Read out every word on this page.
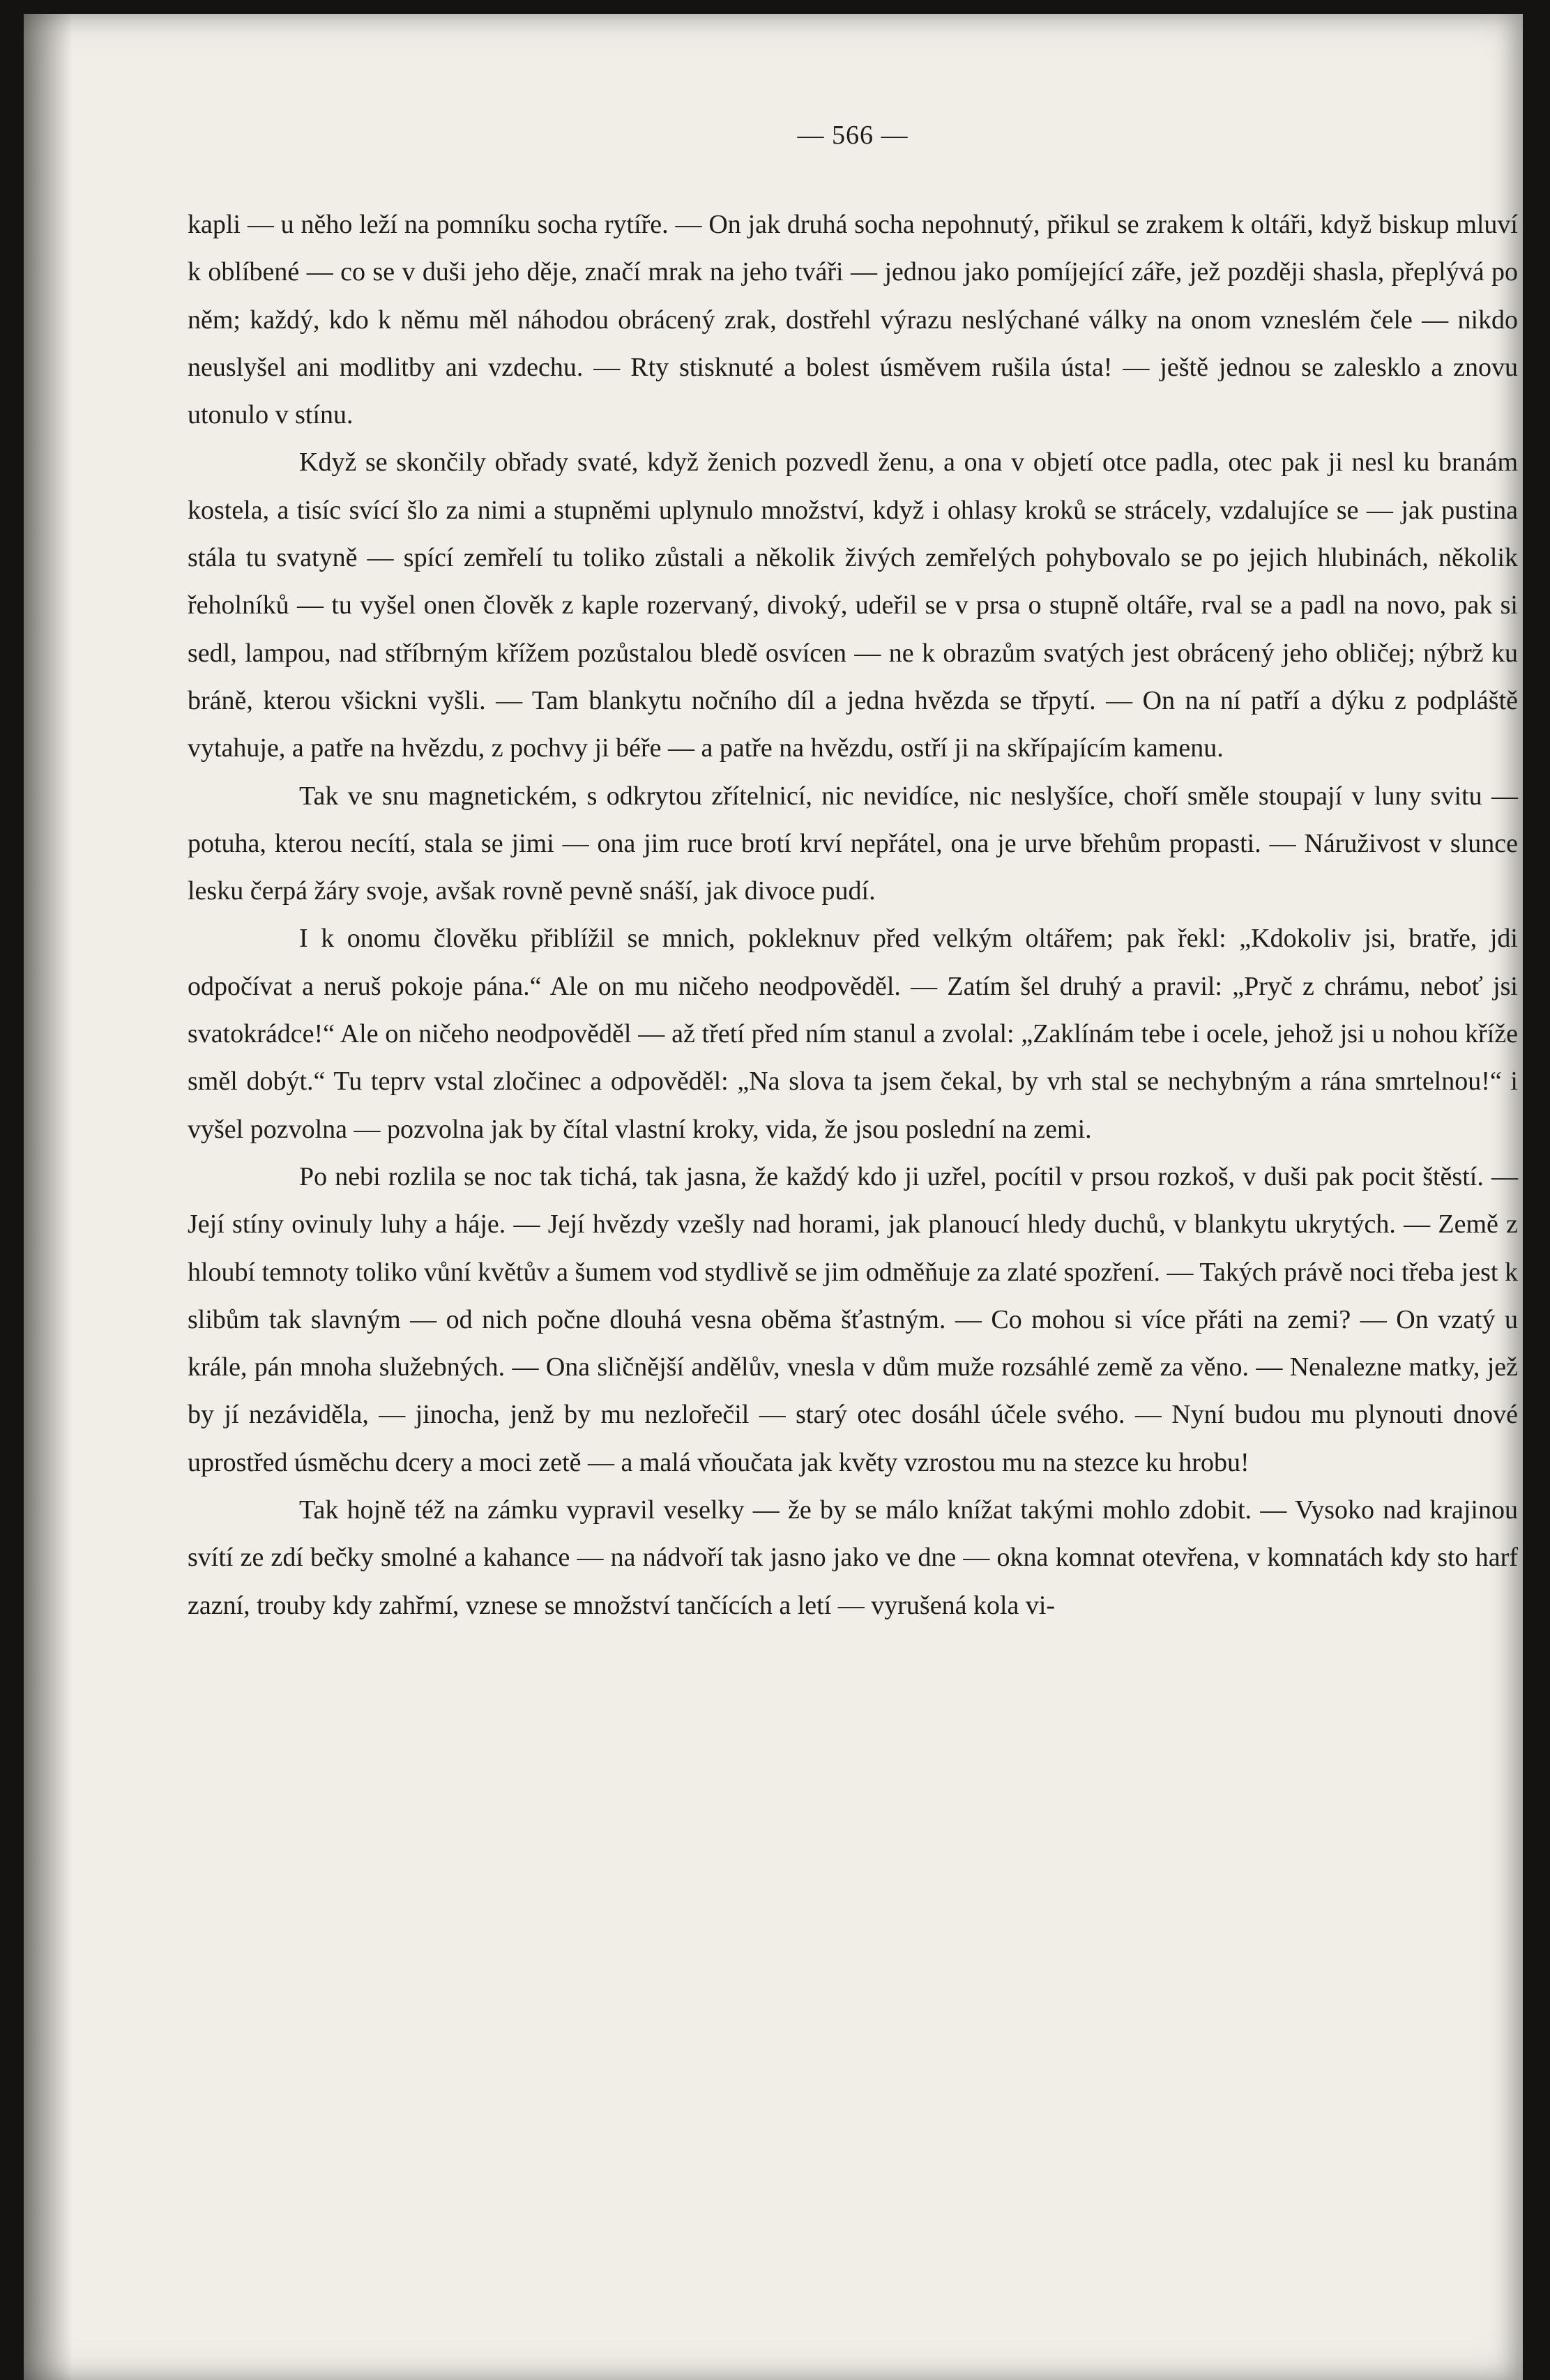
— 566 —

kapli — u něho leží na pomníku socha rytíře. — On jak druhá socha nepohnutý, přikul se zrakem k oltáři, když biskup mluví k oblíbené — co se v duši jeho děje, značí mrak na jeho tváři — jednou jako pomíjející záře, jež později shasla, přeplývá po něm; každý, kdo k němu měl náhodou obrácený zrak, dostřehl výrazu neslýchané války na onom vzneslém čele — nikdo neuslyšel ani modlitby ani vzdechu. — Rty stisknuté a bolest úsměvem rušila ústa! — ještě jednou se zalesklo a znovu utonulo v stínu.

Když se skončily obřady svaté, když ženich pozvedl ženu, a ona v objetí otce padla, otec pak ji nesl ku branám kostela, a tisíc svící šlo za nimi a stupněmi uplynulo množství, když i ohlasy kroků se strácely, vzdalujíce se — jak pustina stála tu svatyně — spící zemřelí tu toliko zůstali a několik živých zemřelých pohybovalo se po jejich hlubinách, několik řeholníků — tu vyšel onen člověk z kaple rozervaný, divoký, udeřil se v prsa o stupně oltáře, rval se a padl na novo, pak si sedl, lampou, nad stříbrným křížem pozůstalou bledě osvícen — ne k obrazům svatých jest obrácený jeho obličej; nýbrž ku bráně, kterou všickni vyšli. — Tam blankytu nočního díl a jedna hvězda se třpytí. — On na ní patří a dýku z podpláště vytahuje, a patře na hvězdu, z pochvy ji béře — a patře na hvězdu, ostří ji na skřípajícím kamenu.

Tak ve snu magnetickém, s odkrytou zřítelnicí, nic nevidíce, nic neslyšíce, choří směle stoupají v luny svitu — potuha, kterou necítí, stala se jimi — ona jim ruce brotí krví nepřátel, ona je urve břehům propasti. — Náruživost v slunce lesku čerpá žáry svoje, avšak rovně pevně snáší, jak divoce pudí.

I k onomu člověku přiblížil se mnich, pokleknuv před velkým oltářem; pak řekl: „Kdokoliv jsi, bratře, jdi odpočívat a neruš pokoje pána.“ Ale on mu ničeho neodpověděl. — Zatím šel druhý a pravil: „Pryč z chrámu, neboť jsi svatokrádce!“ Ale on ničeho neodpověděl — až třetí před ním stanul a zvolal: „Zaklínám tebe i ocele, jehož jsi u nohou kříže směl dobýt.“ Tu teprv vstal zločinec a odpověděl: „Na slova ta jsem čekal, by vrh stal se nechybným a rána smrtelnou!“ i vyšel pozvolna — pozvolna jak by čítal vlastní kroky, vida, že jsou poslední na zemi.

Po nebi rozlila se noc tak tichá, tak jasna, že každý kdo ji uzřel, pocítil v prsou rozkoš, v duši pak pocit štěstí. — Její stíny ovinuly luhy a háje. — Její hvězdy vzešly nad horami, jak planoucí hledy duchů, v blankytu ukrytých. — Země z hloubí temnoty toliko vůní květův a šumem vod stydlivě se jim odměňuje za zlaté spozření. — Takých právě noci třeba jest k slibům tak slavným — od nich počne dlouhá vesna oběma šťastným. — Co mohou si více přáti na zemi? — On vzatý u krále, pán mnoha služebných. — Ona sličnější andělův, vnesla v dům muže rozsáhlé země za věno. — Nenalezne matky, jež by jí nezáviděla, — jinocha, jenž by mu nezlořečil — starý otec dosáhl účele svého. — Nyní budou mu plynouti dnové uprostřed úsměchu dcery a moci zetě — a malá vňoučata jak květy vzrostou mu na stezce ku hrobu!

Tak hojně též na zámku vypravil veselky — že by se málo knížat takými mohlo zdobit. — Vysoko nad krajinou svítí ze zdí bečky smolné a kahance — na nádvoří tak jasno jako ve dne — okna komnat otevřena, v komnatách kdy sto harf zazní, trouby kdy zahřmí, vznese se množství tančících a letí — vyrušená kola vi-
